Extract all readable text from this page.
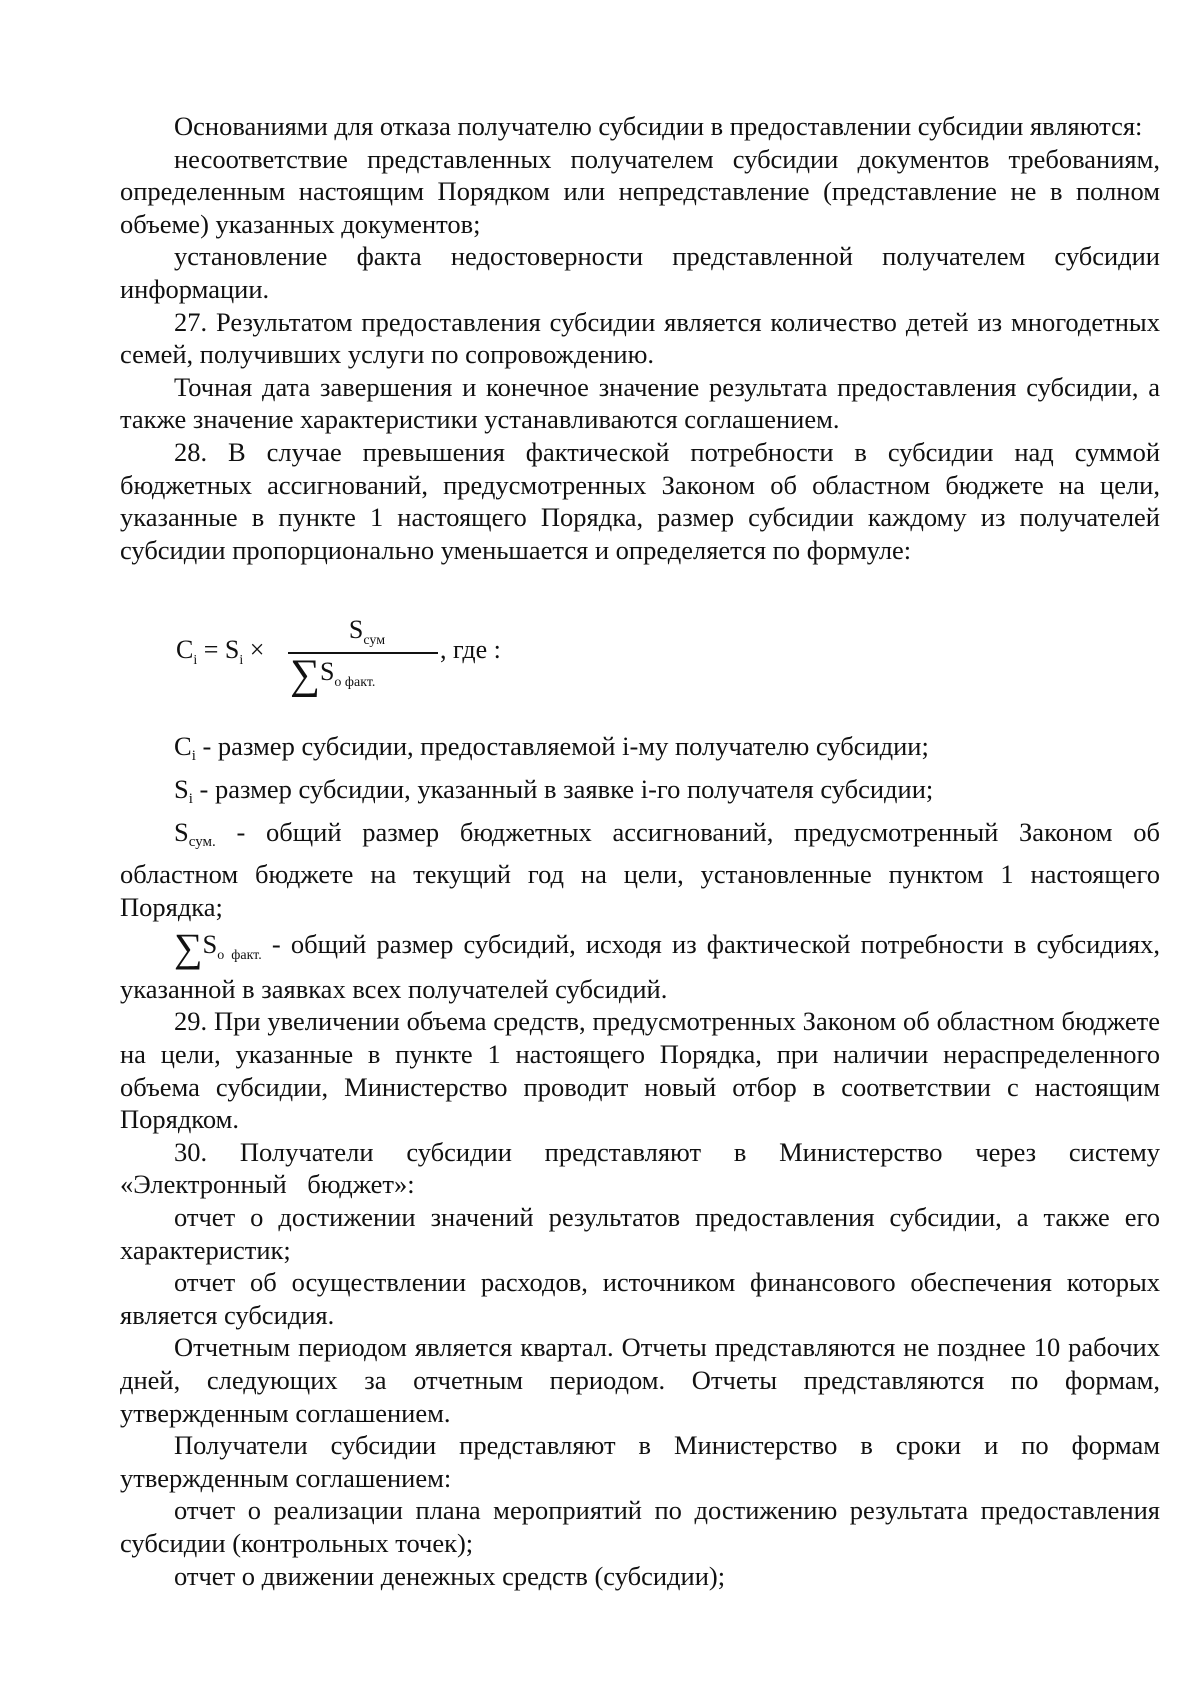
Основаниями для отказа получателю субсидии в предоставлении субсидии являются:

несоответствие представленных получателем субсидии документов требованиям, определенным настоящим Порядком или непредставление (представление не в полном объеме) указанных документов;

установление факта недостоверности представленной получателем субсидии информации.

27. Результатом предоставления субсидии является количество детей из многодетных семей, получивших услуги по сопровождению.

Точная дата завершения и конечное значение результата предоставления субсидии, а также значение характеристики устанавливаются соглашением.

28. В случае превышения фактической потребности в субсидии над суммой бюджетных ассигнований, предусмотренных Законом об областном бюджете на цели, указанные в пункте 1 настоящего Порядка, размер субсидии каждому из получателей субсидии пропорционально уменьшается и определяется по формуле:

$C_i = S_i$ ×
$S_{сум}$
$\sum S_{о факт.}$
, где :

Ci - размер субсидии, предоставляемой i-му получателю субсидии;

Si - размер субсидии, указанный в заявке i-го получателя субсидии;

Sсум. - общий размер бюджетных ассигнований, предусмотренный Законом об областном бюджете на текущий год на цели, установленные пунктом 1 настоящего Порядка;

$\sum S_{о факт.}$ - общий размер субсидий, исходя из фактической потребности в субсидиях, указанной в заявках всех получателей субсидий.

29. При увеличении объема средств, предусмотренных Законом об областном бюджете на цели, указанные в пункте 1 настоящего Порядка, при наличии нераспределенного объема субсидии, Министерство проводит новый отбор в соответствии с настоящим Порядком.

30. Получатели субсидии представляют в Министерство через систему «Электронный бюджет»:

отчет о достижении значений результатов предоставления субсидии, а также его характеристик;

отчет об осуществлении расходов, источником финансового обеспечения которых является субсидия.

Отчетным периодом является квартал. Отчеты представляются не позднее 10 рабочих дней, следующих за отчетным периодом. Отчеты представляются по формам, утвержденным соглашением.

Получатели субсидии представляют в Министерство в сроки и по формам утвержденным соглашением:

отчет о реализации плана мероприятий по достижению результата предоставления субсидии (контрольных точек);

отчет о движении денежных средств (субсидии);
